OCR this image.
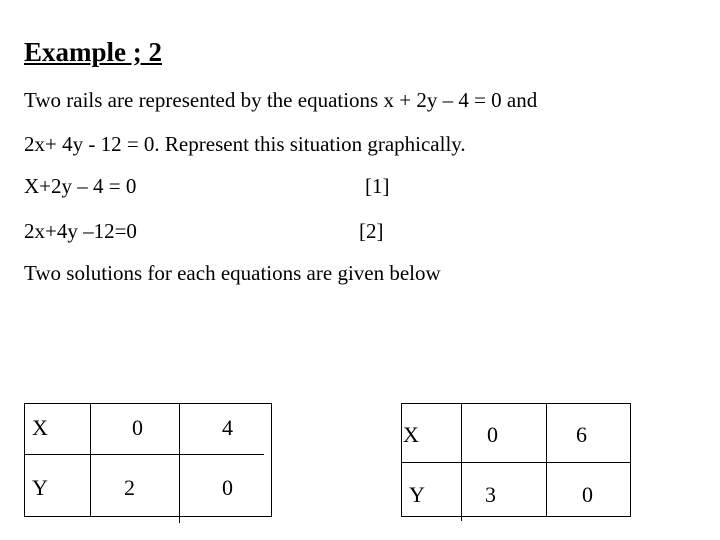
Example ; 2
Two rails are represented by the equations x + 2y – 4 = 0 and
2x+ 4y - 12 = 0. Represent this situation graphically.
X+2y – 4 = 0	[1]
2x+4y –12=0	[2]
Two solutions for each equations are given below
X	0	4
Y	2	0
X	0	6
Y	3	0
